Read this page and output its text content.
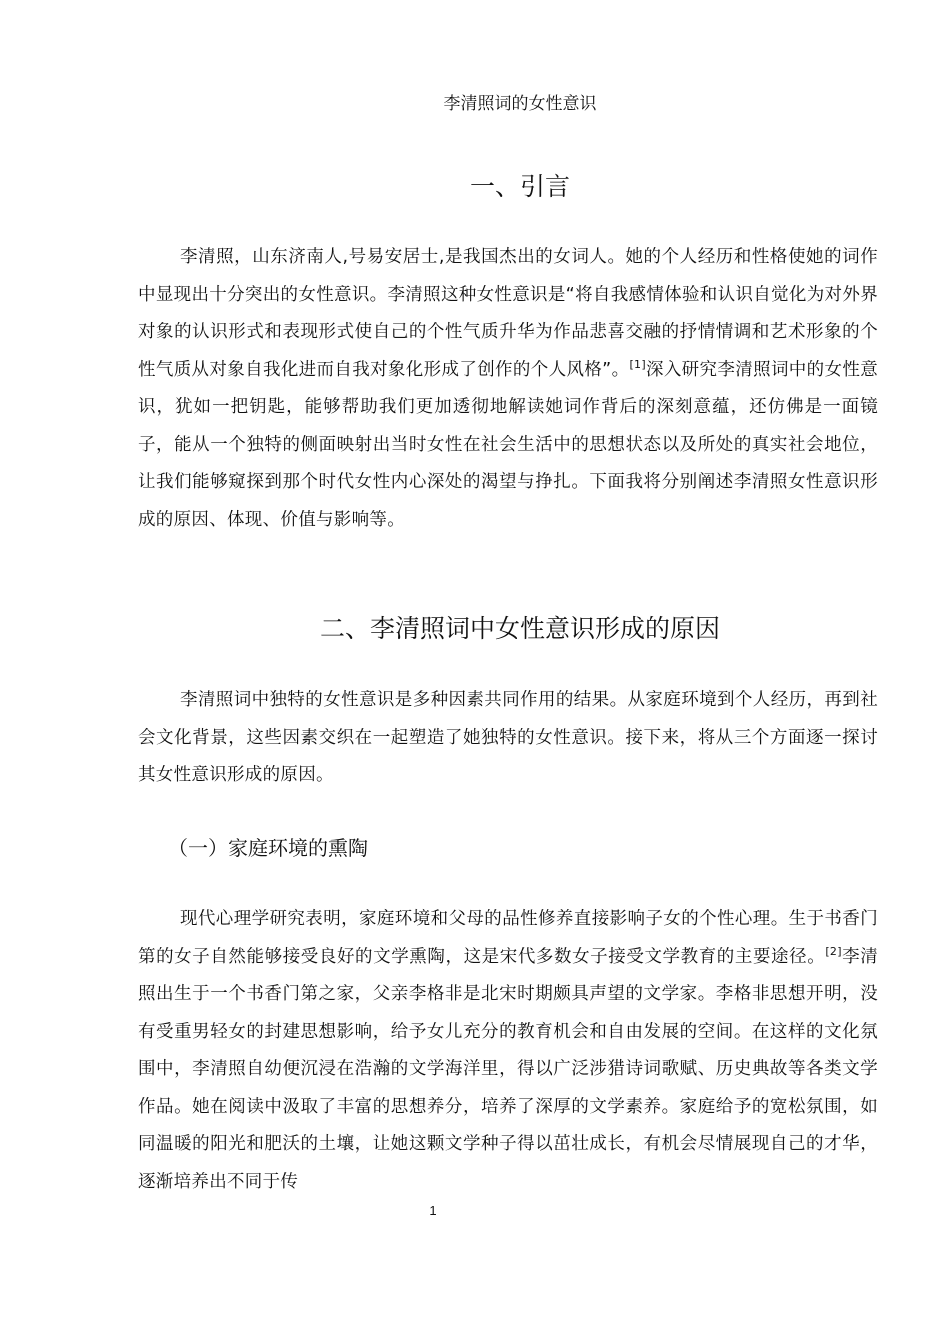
李清照词的女性意识
一、引言

李清照，山东济南人,号易安居士,是我国杰出的女词人。她的个人经历和性格使她的词作中显现出十分突出的女性意识。李清照这种女性意识是“将自我感情体验和认识自觉化为对外界对象的认识形式和表现形式使自己的个性气质升华为作品悲喜交融的抒情情调和艺术形象的个性气质从对象自我化进而自我对象化形成了创作的个人风格”。[1]深入研究李清照词中的女性意识，犹如一把钥匙，能够帮助我们更加透彻地解读她词作背后的深刻意蕴，还仿佛是一面镜子，能从一个独特的侧面映射出当时女性在社会生活中的思想状态以及所处的真实社会地位，让我们能够窥探到那个时代女性内心深处的渴望与挣扎。下面我将分别阐述李清照女性意识形成的原因、体现、价值与影响等。

二、李清照词中女性意识形成的原因

李清照词中独特的女性意识是多种因素共同作用的结果。从家庭环境到个人经历，再到社会文化背景，这些因素交织在一起塑造了她独特的女性意识。接下来，将从三个方面逐一探讨其女性意识形成的原因。

（一）家庭环境的熏陶

现代心理学研究表明，家庭环境和父母的品性修养直接影响子女的个性心理。生于书香门第的女子自然能够接受良好的文学熏陶，这是宋代多数女子接受文学教育的主要途径。[2]李清照出生于一个书香门第之家，父亲李格非是北宋时期颇具声望的文学家。李格非思想开明，没有受重男轻女的封建思想影响，给予女儿充分的教育机会和自由发展的空间。在这样的文化氛围中，李清照自幼便沉浸在浩瀚的文学海洋里，得以广泛涉猎诗词歌赋、历史典故等各类文学作品。她在阅读中汲取了丰富的思想养分，培养了深厚的文学素养。家庭给予的宽松氛围，如同温暖的阳光和肥沃的土壤，让她这颗文学种子得以茁壮成长，有机会尽情展现自己的才华，逐渐培养出不同于传

1
